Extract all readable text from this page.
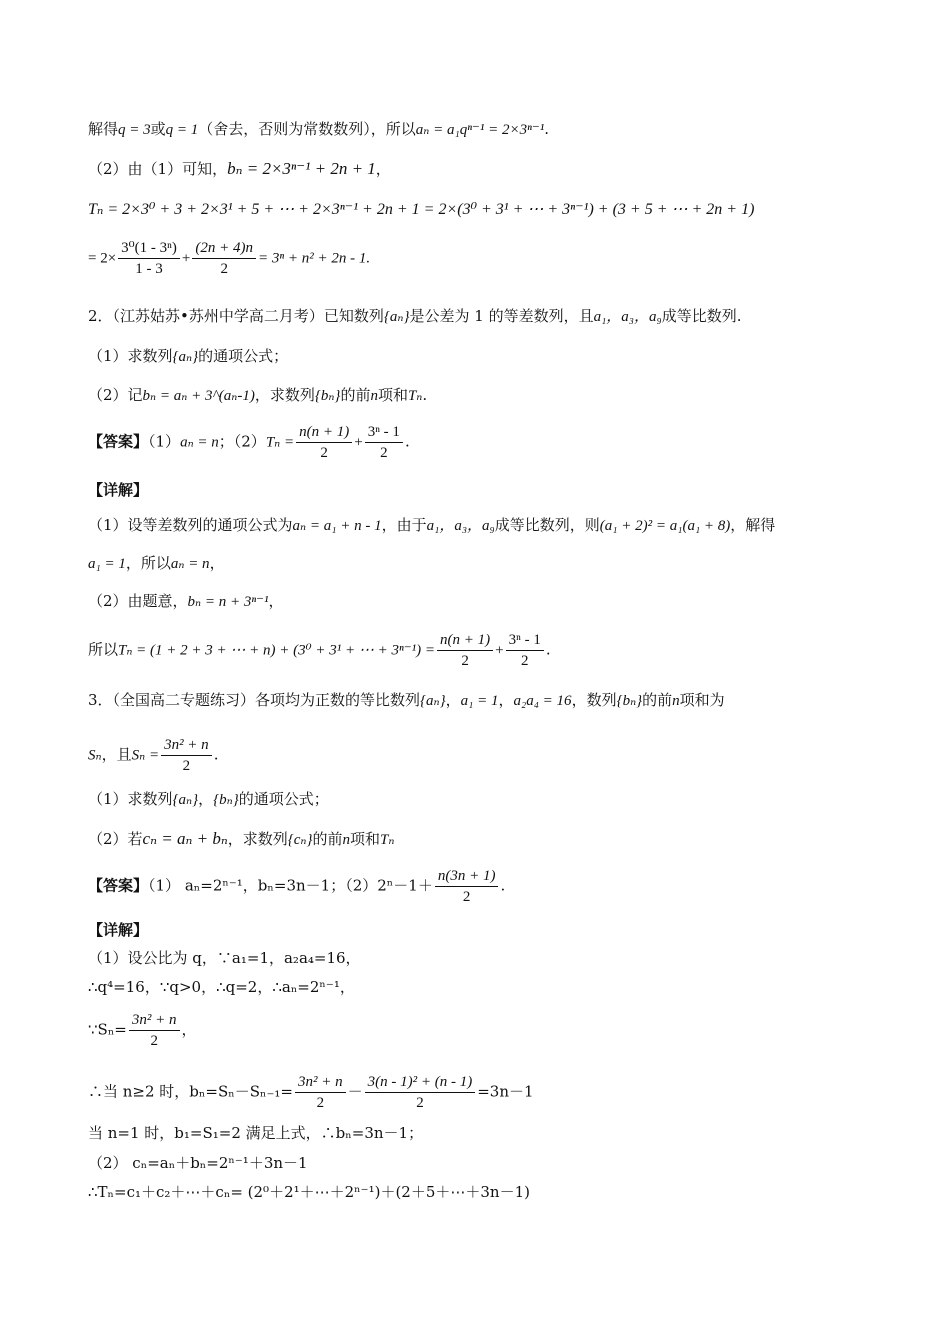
解得q = 3或q = 1（舍去，否则为常数数列），所以aₙ = a₁qⁿ⁻¹ = 2×3ⁿ⁻¹.
（2）由（1）可知，bₙ = 2×3ⁿ⁻¹ + 2n + 1，
Tₙ = 2×3⁰ + 3 + 2×3¹ + 5 + ⋯ + 2×3ⁿ⁻¹ + 2n + 1 = 2×(3⁰ + 3¹ + ⋯ + 3ⁿ⁻¹) + (3 + 5 + ⋯ + 2n + 1)
= $2\times \frac{\text{3⁰(1 - 3ⁿ)}}{1 - 3} + \frac{(2n + 4)n}{2} = 3^n + n^2 + 2n - 1$.
2．（江苏姑苏•苏州中学高二月考）已知数列{aₙ}是公差为 1 的等差数列，且a₁，a₃，a₉成等比数列.
（1）求数列{aₙ}的通项公式；
（2）记bₙ = aₙ + 3^(aₙ-1)，求数列{bₙ}的前n项和Tₙ.
【答案】（1）aₙ = n；$(2)T_n = \frac{n(n + 1)}{2} + \frac{\text{3ⁿ - 1}}{2}$ .
【详解】
（1）设等差数列的通项公式为aₙ = a₁ + n - 1，由于a₁，a₃，a₉成等比数列，则(a₁ + 2)² = a₁(a₁ + 8)，解得
a₁ = 1，所以aₙ = n，
（2）由题意，bₙ = n + 3ⁿ⁻¹，
所以Tₙ = (1 + 2 + 3 + ⋯ + n) + (3⁰ + 3¹ + ⋯ + $3^{n-1}) = \frac{n(n + 1)}{2} + \frac{\text{3ⁿ - 1}}{2}$ .
3．（全国高二专题练习）各项均为正数的等比数列{aₙ}，a₁ = 1，a₂a₄ = 16，数列{bₙ}的前n项和为
Sₙ，且$S_n = \frac{\text{3n² + n}}{2}$ .
（1）求数列{aₙ}，{bₙ}的通项公式；
（2）若cₙ = aₙ + bₙ，求数列{cₙ}的前n项和Tₙ
【答案】（1） aₙ=2ⁿ⁻¹，bₙ=3n－1；$(2)2^n-1+ \frac{n(3n + 1)}{2}$ .
【详解】
（1）设公比为 q，∵a₁=1，a₂a₄=16，
∴q⁴=16，∵q>0，∴q=2，∴aₙ=2ⁿ⁻¹，
∵Sₙ= $\frac{\text{3n² + n}}{2}$ ，
∴当 n≥2 时，$b_n=S_n-S_{n-1}= \frac{\text{3n² + n}}{2} - \frac{\text{3(n - 1)² + (n - 1)}}{2} =3n-1$
当 n=1 时，b₁=S₁=2 满足上式，∴bₙ=3n－1；
（2） cₙ=aₙ＋bₙ=2ⁿ⁻¹＋3n－1
∴Tₙ=c₁＋c₂＋⋯＋cₙ= (2⁰＋2¹＋⋯＋2ⁿ⁻¹)＋(2＋5＋⋯＋3n－1)
